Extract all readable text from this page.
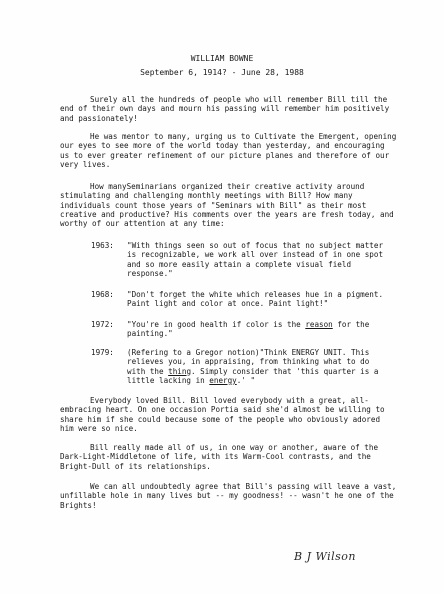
WILLIAM BOWNE
September 6, 1914? - June 28, 1988

Surely all the hundreds of people who will remember Bill till the end of their own days and mourn his passing will remember him positively and passionately!

He was mentor to many, urging us to Cultivate the Emergent, opening our eyes to see more of the world today than yesterday, and encouraging us to ever greater refinement of our picture planes and therefore of our very lives.

How manySeminarians organized their creative activity around stimulating and challenging monthly meetings with Bill? How many individuals count those years of "Seminars with Bill" as their most creative and productive? His comments over the years are fresh today, and worthy of our attention at any time:

1963: "With things seen so out of focus that no subject matter is recognizable, we work all over instead of in one spot and so more easily attain a complete visual field response."

1968: "Don't forget the white which releases hue in a pigment. Paint light and color at once. Paint light!"

1972: "You're in good health if color is the reason for the painting."

1979: (Refering to a Gregor notion)"Think ENERGY UNIT. This relieves you, in appraising, from thinking what to do with the thing. Simply consider that 'this quarter is a little lacking in energy.' "

Everybody loved Bill. Bill loved everybody with a great, all-embracing heart. On one occasion Portia said she'd almost be willing to share him if she could because some of the people who obviously adored him were so nice.

Bill really made all of us, in one way or another, aware of the Dark-Light-Middletone of life, with its Warm-Cool contrasts, and the Bright-Dull of its relationships.

We can all undoubtedly agree that Bill's passing will leave a vast, unfillable hole in many lives but -- my goodness! -- wasn't he one of the Brights!

B J Wilson
